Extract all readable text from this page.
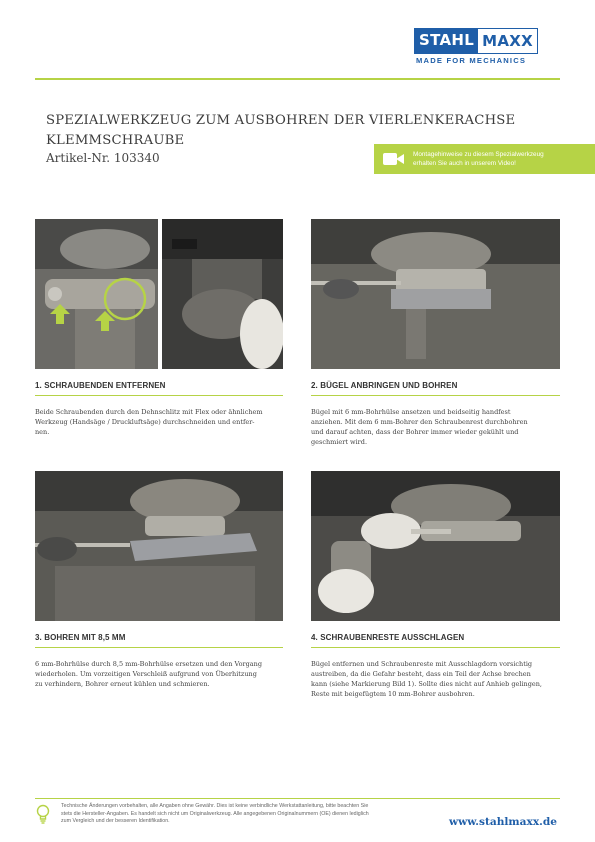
STAHL MAXX
MADE FOR MECHANICS
SPEZIALWERKZEUG ZUM AUSBOHREN DER VIERLENKERACHSE
KLEMMSCHRAUBE
Artikel-Nr. 103340	Montagehinweise zu diesem Spezialwerkzeug
erhalten Sie auch in unserem Video!
1. SCHRAUBENDEN ENTFERNEN
Beide Schraubenden durch den Dehnschlitz mit Flex oder ähnlichem
Werkzeug (Handsäge / Druckluftsäge) durchschneiden und entfer-
nen.
2. BÜGEL ANBRINGEN UND BOHREN
Bügel mit 6 mm-Bohrhülse ansetzen und beidseitig handfest
anziehen. Mit dem 6 mm-Bohrer den Schraubenrest durchbohren
und darauf achten, dass der Bohrer immer wieder gekühlt und
geschmiert wird.
3. BOHREN MIT 8,5 MM
6 mm-Bohrhülse durch 8,5 mm-Bohrhülse ersetzen und den Vorgang
wiederholen. Um vorzeitigen Verschleiß aufgrund von Überhitzung
zu verhindern, Bohrer erneut kühlen und schmieren.
4. SCHRAUBENRESTE AUSSCHLAGEN
Bügel entfernen und Schraubenreste mit Ausschlagdorn vorsichtig
austreiben, da die Gefahr besteht, dass ein Teil der Achse brechen
kann (siehe Markierung Bild 1). Sollte dies nicht auf Anhieb gelingen,
Reste mit beigefügtem 10 mm-Bohrer ausbohren.
Technische Änderungen vorbehalten, alle Angaben ohne Gewähr. Dies ist keine verbindliche Werkstattanleitung, bitte beachten Sie
stets die Hersteller-Angaben. Es handelt sich nicht um Originalwerkzeug. Alle angegebenen Originalnummern (OE) dienen lediglich
zum Vergleich und der besseren Identifikation.	www.stahlmaxx.de
